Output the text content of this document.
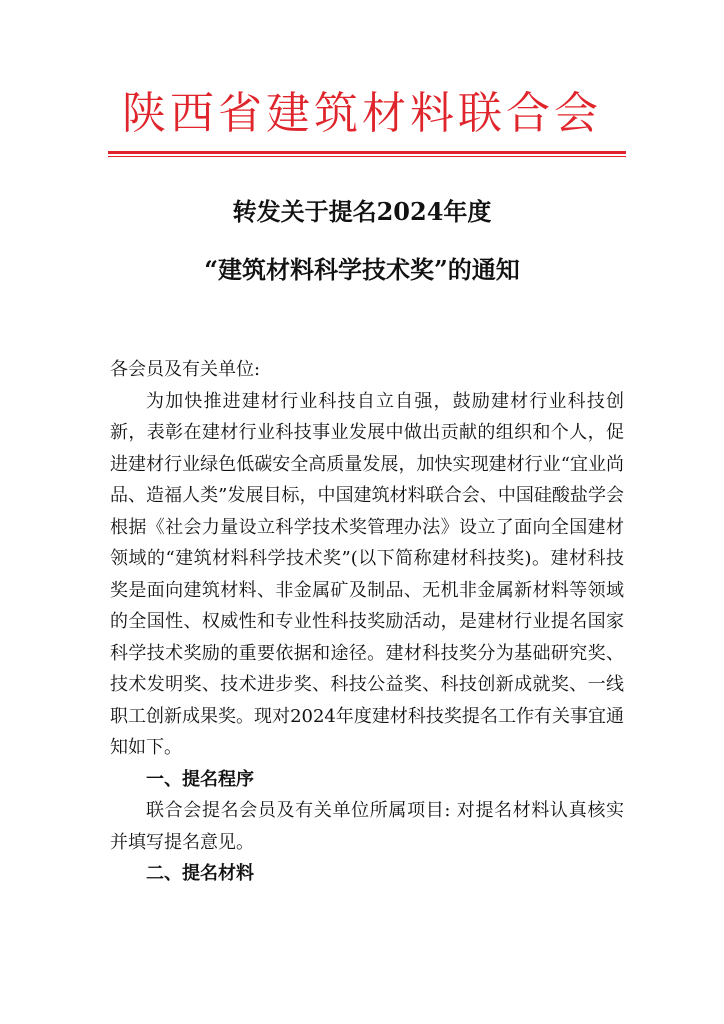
陕西省建筑材料联合会
转发关于提名2024年度
“建筑材料科学技术奖”的通知

各会员及有关单位:

为加快推进建材行业科技自立自强，鼓励建材行业科技创新，表彰在建材行业科技事业发展中做出贡献的组织和个人，促进建材行业绿色低碳安全高质量发展，加快实现建材行业“宜业尚品、造福人类”发展目标，中国建筑材料联合会、中国硅酸盐学会根据《社会力量设立科学技术奖管理办法》设立了面向全国建材领域的“建筑材料科学技术奖”(以下简称建材科技奖)。建材科技奖是面向建筑材料、非金属矿及制品、无机非金属新材料等领域的全国性、权威性和专业性科技奖励活动，是建材行业提名国家科学技术奖励的重要依据和途径。建材科技奖分为基础研究奖、技术发明奖、技术进步奖、科技公益奖、科技创新成就奖、一线职工创新成果奖。现对2024年度建材科技奖提名工作有关事宜通知如下。

一、提名程序

联合会提名会员及有关单位所属项目: 对提名材料认真核实并填写提名意见。

二、提名材料
